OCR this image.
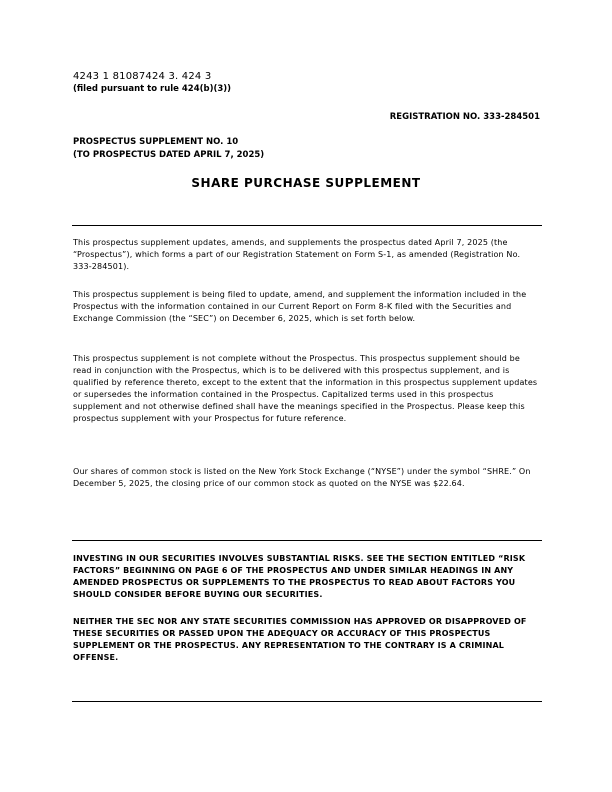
4243 1 81087424 3. 424 3
(filed pursuant to rule 424(b)(3))
REGISTRATION NO. 333-284501
PROSPECTUS SUPPLEMENT NO. 10
(TO PROSPECTUS DATED APRIL 7, 2025)
SHARE PURCHASE SUPPLEMENT

This prospectus supplement updates, amends, and supplements the prospectus dated April 7, 2025 (the “Prospectus”), which forms a part of our Registration Statement on Form S-1, as amended (Registration No. 333-284501).

This prospectus supplement is being filed to update, amend, and supplement the information included in the Prospectus with the information contained in our Current Report on Form 8-K filed with the Securities and Exchange Commission (the “SEC”) on December 6, 2025, which is set forth below.

This prospectus supplement is not complete without the Prospectus. This prospectus supplement should be read in conjunction with the Prospectus, which is to be delivered with this prospectus supplement, and is qualified by reference thereto, except to the extent that the information in this prospectus supplement updates or supersedes the information contained in the Prospectus. Capitalized terms used in this prospectus supplement and not otherwise defined shall have the meanings specified in the Prospectus. Please keep this prospectus supplement with your Prospectus for future reference.

Our shares of common stock is listed on the New York Stock Exchange (“NYSE”) under the symbol “SHRE.” On December 5, 2025, the closing price of our common stock as quoted on the NYSE was $22.64.

INVESTING IN OUR SECURITIES INVOLVES SUBSTANTIAL RISKS. SEE THE SECTION ENTITLED “RISK FACTORS” BEGINNING ON PAGE 6 OF THE PROSPECTUS AND UNDER SIMILAR HEADINGS IN ANY AMENDED PROSPECTUS OR SUPPLEMENTS TO THE PROSPECTUS TO READ ABOUT FACTORS YOU SHOULD CONSIDER BEFORE BUYING OUR SECURITIES.

NEITHER THE SEC NOR ANY STATE SECURITIES COMMISSION HAS APPROVED OR DISAPPROVED OF THESE SECURITIES OR PASSED UPON THE ADEQUACY OR ACCURACY OF THIS PROSPECTUS SUPPLEMENT OR THE PROSPECTUS. ANY REPRESENTATION TO THE CONTRARY IS A CRIMINAL OFFENSE.
